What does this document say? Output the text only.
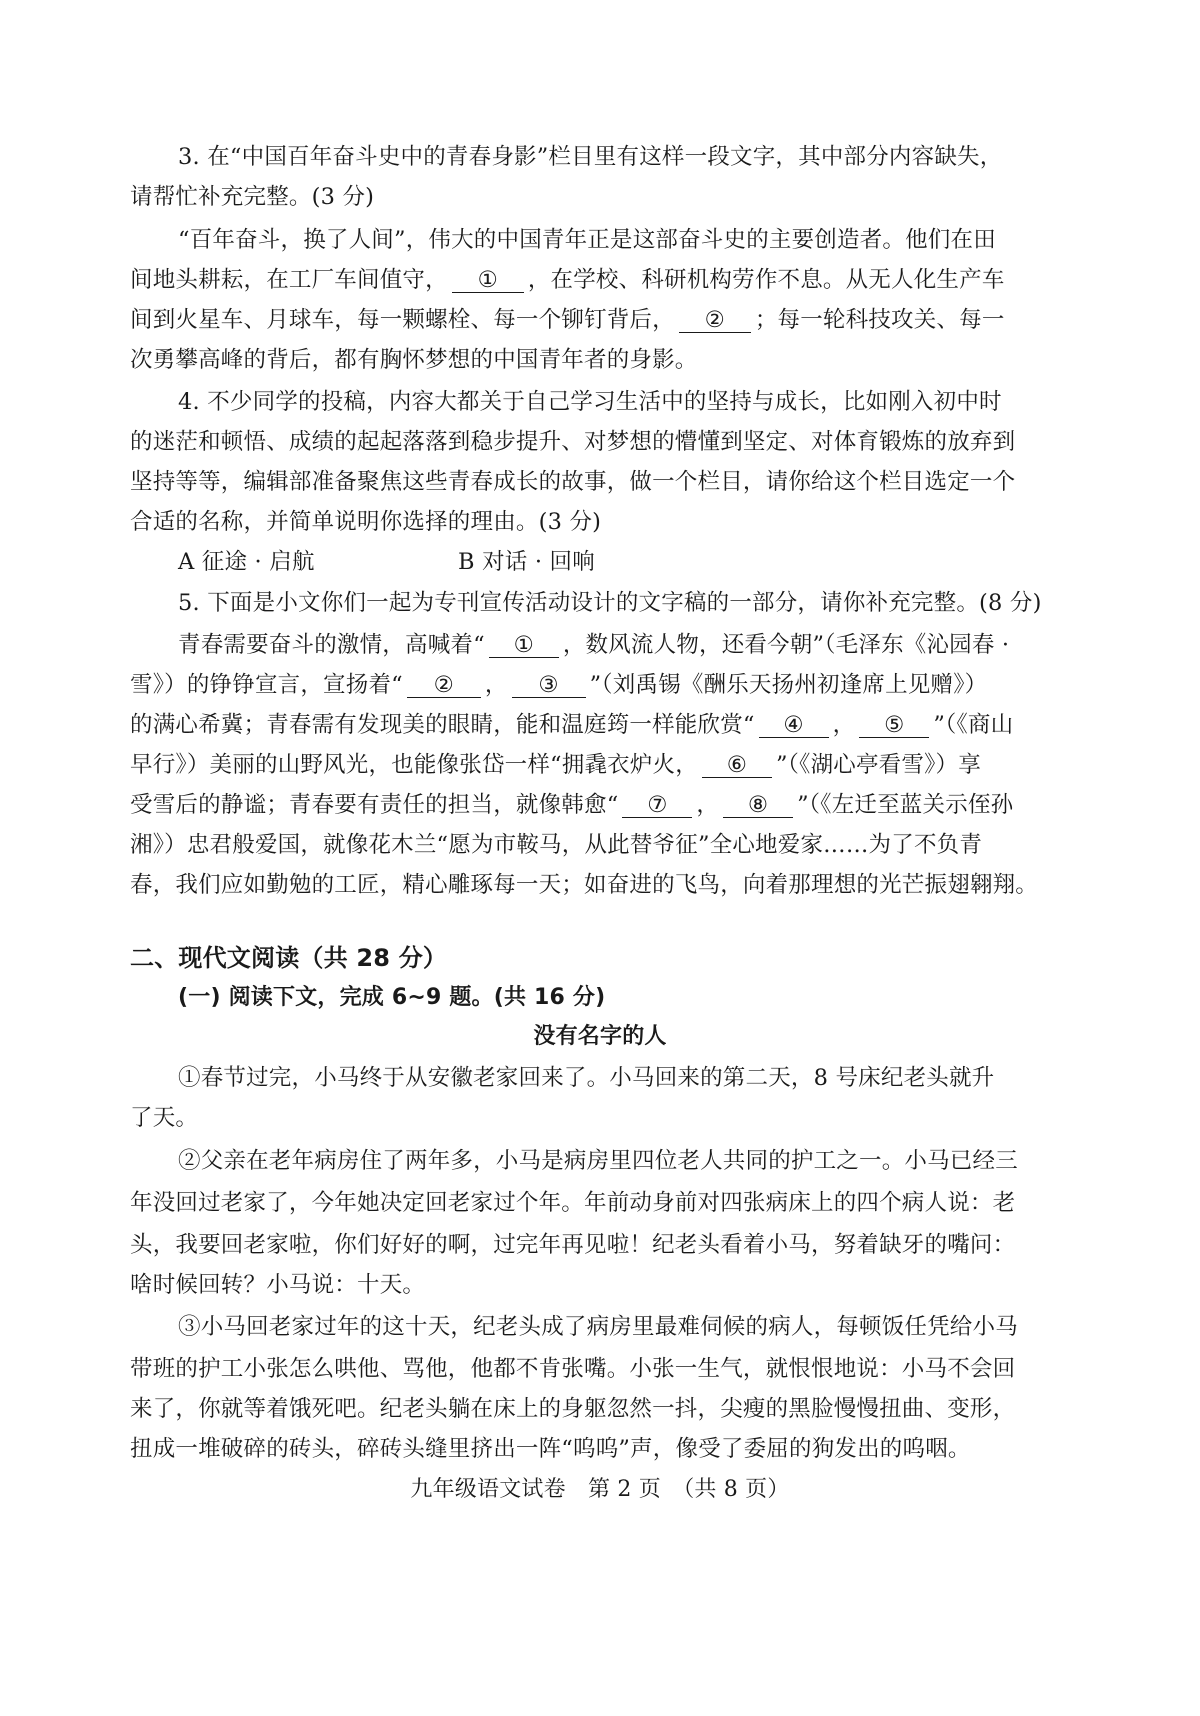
3. 在“中国百年奋斗史中的青春身影”栏目里有这样一段文字，其中部分内容缺失，
请帮忙补充完整。(3 分)
“百年奋斗，换了人间”，伟大的中国青年正是这部奋斗史的主要创造者。他们在田
间地头耕耘，在工厂车间值守， ① ，在学校、科研机构劳作不息。从无人化生产车
间到火星车、月球车，每一颗螺栓、每一个铆钉背后， ② ；每一轮科技攻关、每一
次勇攀高峰的背后，都有胸怀梦想的中国青年者的身影。
4. 不少同学的投稿，内容大都关于自己学习生活中的坚持与成长，比如刚入初中时
的迷茫和顿悟、成绩的起起落落到稳步提升、对梦想的懵懂到坚定、对体育锻炼的放弃到
坚持等等，编辑部准备聚焦这些青春成长的故事，做一个栏目，请你给这个栏目选定一个
合适的名称，并简单说明你选择的理由。(3 分)
A 征途 · 启航	B 对话 · 回响
5. 下面是小文你们一起为专刊宣传活动设计的文字稿的一部分，请你补充完整。(8 分)
青春需要奋斗的激情，高喊着“ ① ，数风流人物，还看今朝”（毛泽东《沁园春 ·
雪》）的铮铮宣言，宣扬着“ ② ， ③ ”（刘禹锡《酬乐天扬州初逢席上见赠》）
的满心希冀；青春需有发现美的眼睛，能和温庭筠一样能欣赏“ ④ ， ⑤ ”（《商山
早行》）美丽的山野风光，也能像张岱一样“拥毳衣炉火， ⑥ ”（《湖心亭看雪》）享
受雪后的静谧；青春要有责任的担当，就像韩愈“ ⑦ ， ⑧ ”（《左迁至蓝关示侄孙
湘》）忠君般爱国，就像花木兰“愿为市鞍马，从此替爷征”全心地爱家……为了不负青
春，我们应如勤勉的工匠，精心雕琢每一天；如奋进的飞鸟，向着那理想的光芒振翅翱翔。
二、现代文阅读（共 28 分）
(一) 阅读下文，完成 6~9 题。(共 16 分)
没有名字的人
①春节过完，小马终于从安徽老家回来了。小马回来的第二天，8 号床纪老头就升
了天。
②父亲在老年病房住了两年多，小马是病房里四位老人共同的护工之一。小马已经三
年没回过老家了，今年她决定回老家过个年。年前动身前对四张病床上的四个病人说：老
头，我要回老家啦，你们好好的啊，过完年再见啦！纪老头看着小马，努着缺牙的嘴问：
啥时候回转？小马说：十天。
③小马回老家过年的这十天，纪老头成了病房里最难伺候的病人，每顿饭任凭给小马
带班的护工小张怎么哄他、骂他，他都不肯张嘴。小张一生气，就恨恨地说：小马不会回
来了，你就等着饿死吧。纪老头躺在床上的身躯忽然一抖，尖瘦的黑脸慢慢扭曲、变形，
扭成一堆破碎的砖头，碎砖头缝里挤出一阵“呜呜”声，像受了委屈的狗发出的呜咽。
九年级语文试卷　第 2 页　（共 8 页）
